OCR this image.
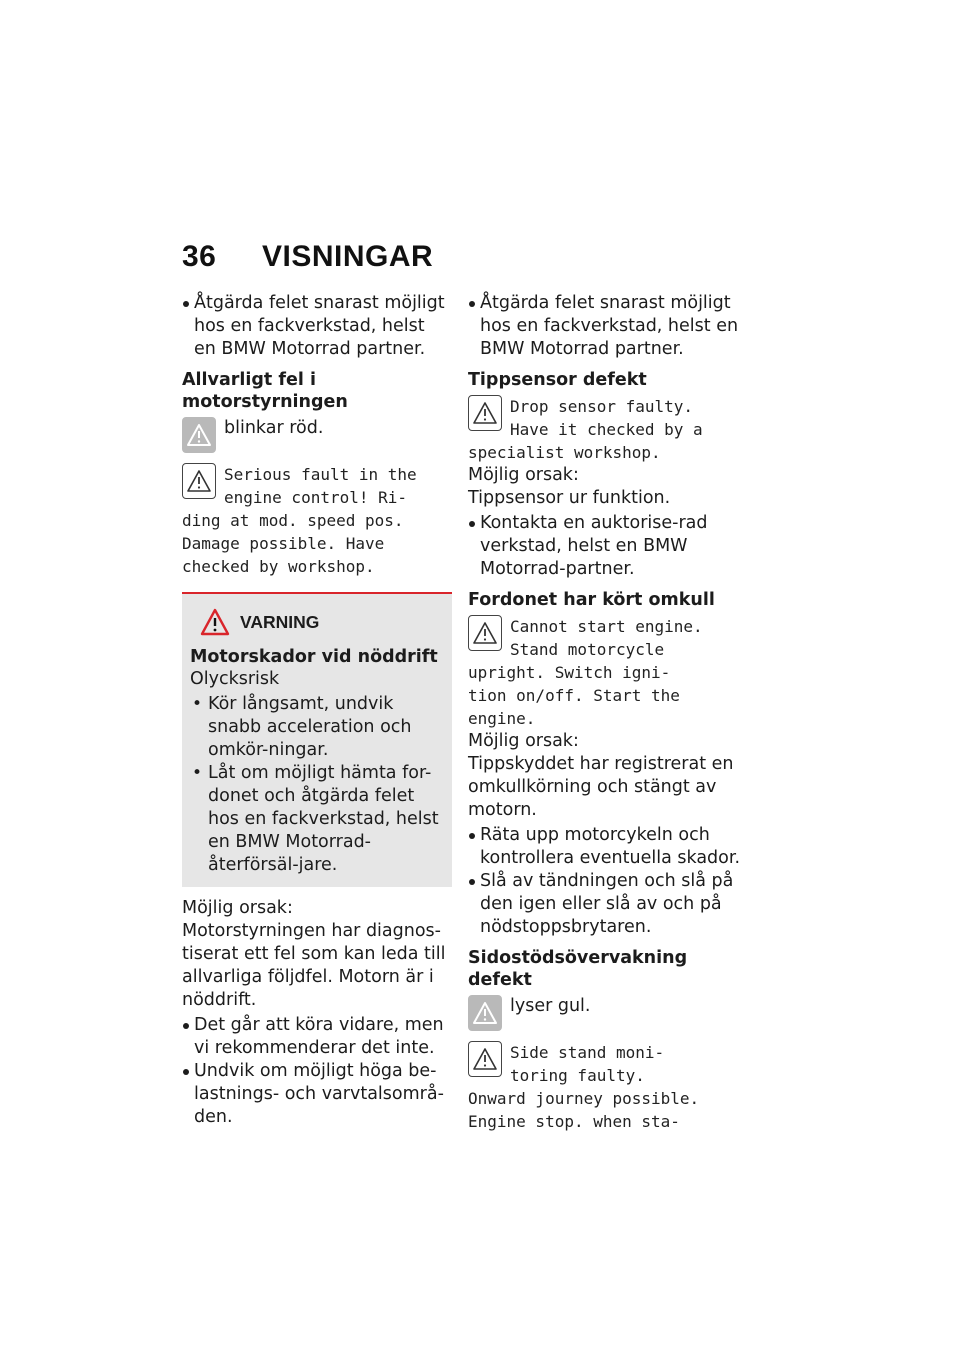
36 VISNINGAR
Åtgärda felet snarast möjligt hos en fackverkstad, helst en BMW Motorrad partner.
Allvarligt fel i motorstyrningen
blinkar röd.

Serious fault in the

engine control! Ri-

ding at mod. speed pos.

Damage possible. Have

checked by workshop.

VARNING
Motorskador vid nöddrift

Olycksrisk

• Kör långsamt, undvik snabb acceleration och omkör-ningar.
• Låt om möjligt hämta for-donet och åtgärda felet hos en fackverkstad, helst en BMW Motorrad-återförsäl-jare.

Möjlig orsak:

Motorstyrningen har diagnos-tiserat ett fel som kan leda till allvarliga följdfel. Motorn är i nöddrift.

Det går att köra vidare, men vi rekommenderar det inte.
Undvik om möjligt höga be-lastnings- och varvtalsområ-den.
Åtgärda felet snarast möjligt hos en fackverkstad, helst en BMW Motorrad partner.
Tippsensor defekt

Drop sensor faulty.

Have it checked by a

specialist workshop.

Möjlig orsak:

Tippsensor ur funktion.

Kontakta en auktorise-rad verkstad, helst en BMW Motorrad-partner.
Fordonet har kört omkull

Cannot start engine.

Stand motorcycle

upright. Switch igni-

tion on/off. Start the

engine.

Möjlig orsak:

Tippskyddet har registrerat en omkullkörning och stängt av motorn.

Räta upp motorcykeln och kontrollera eventuella skador.
Slå av tändningen och slå på den igen eller slå av och på nödstoppsbrytaren.
Sidostödsövervakning defekt
lyser gul.

Side stand moni-

toring faulty.

Onward journey possible.

Engine stop. when sta-
